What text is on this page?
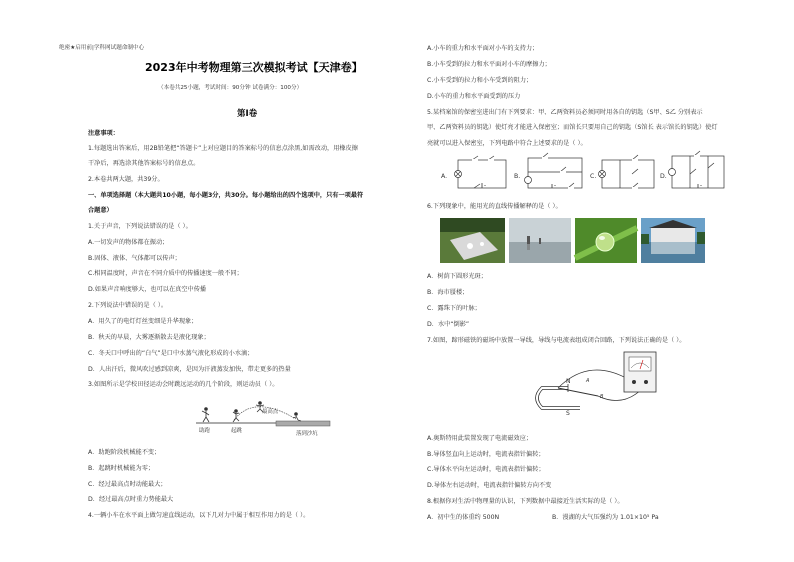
绝密★启用前|学科网试题命制中心
2023年中考物理第三次模拟考试【天津卷】
（本卷共25小题，考试时间：90分钟 试卷满分：100分）
第Ⅰ卷
注意事项：
1.每题选出答案后，用2B铅笔把“答题卡”上对应题目的答案标号的信息点涂黑,如需改动，用橡皮擦
干净后，再选涂其他答案标号的信息点。
2.本卷共两大题，共39分。
一、单项选择题（本大题共10小题，每小题3分，共30分。每小题给出的四个选项中，只有一项最符
合题意）
1.关于声音，下列说法错误的是（ ）。
A.一切发声的物体都在振动；
B.固体、液体、气体都可以传声；
C.相同温度时，声音在不同介质中的传播速度一般不同；
D.如果声音响度够大，也可以在真空中传播
2.下列说法中错误的是（ ）。
A．用久了的电灯灯丝变细是升华现象；
B．秋天的早晨，大雾逐渐散去是液化现象；
C．冬天口中呼出的“白气”是口中水蒸气液化形成的小水滴；
D．人出汗后，微风吹过感到凉爽，是因为汗液蒸发加快，带走更多的热量
3.如图所示是学校田径运动会时跳远运动的几个阶段，则运动员（ ）。
助跑	起跳
最高点
落到沙坑
A．助跑阶段机械能不变；
B．起跳时机械能为零；
C．经过最高点时动能最大；
D．经过最高点时重力势能最大
4.一辆小车在水平面上做匀速直线运动，以下几对力中属于相互作用力的是（ ）。
A.小车的重力和水平面对小车的支持力；
B.小车受到的拉力和水平面对小车的摩擦力；
C.小车受到的拉力和小车受到的阻力；
D.小车的重力和水平面受到的压力
5.某档案馆的保密室进出门有下列要求：甲、乙两资料员必须同时用各自的钥匙（S甲、S乙 分别表示
甲、乙两资料员的钥匙）使灯亮才能进入保密室；而馆长只要用自己的钥匙（S馆长 表示馆长的钥匙）使灯
亮就可以进入保密室，下列电路中符合上述要求的是（ ）。
A.	B.	C.	D.
6.下列现象中，能用光的直线传播解释的是（ ）。
A．树荫下圆形光斑；
B．海市蜃楼；
C．露珠下的叶脉；
D．水中“倒影”
7.如图，蹄形磁铁的磁场中放置一导线，导线与电流表组成闭合回路，下列说法正确的是（ ）。
N
S
A
B
A.奥斯特用此装置发现了电流磁效应；
B.导体竖直向上运动时，电流表指针偏转；
C.导体水平向左运动时，电流表指针偏转；
D.导体左右运动时，电流表指针偏转方向不变
8.根据你对生活中物理量的认识，下列数据中最接近生活实际的是（ ）。
A．初中生的体重约 500N	B．漫湖的大气压强约为 1.01×10⁵ Pa
